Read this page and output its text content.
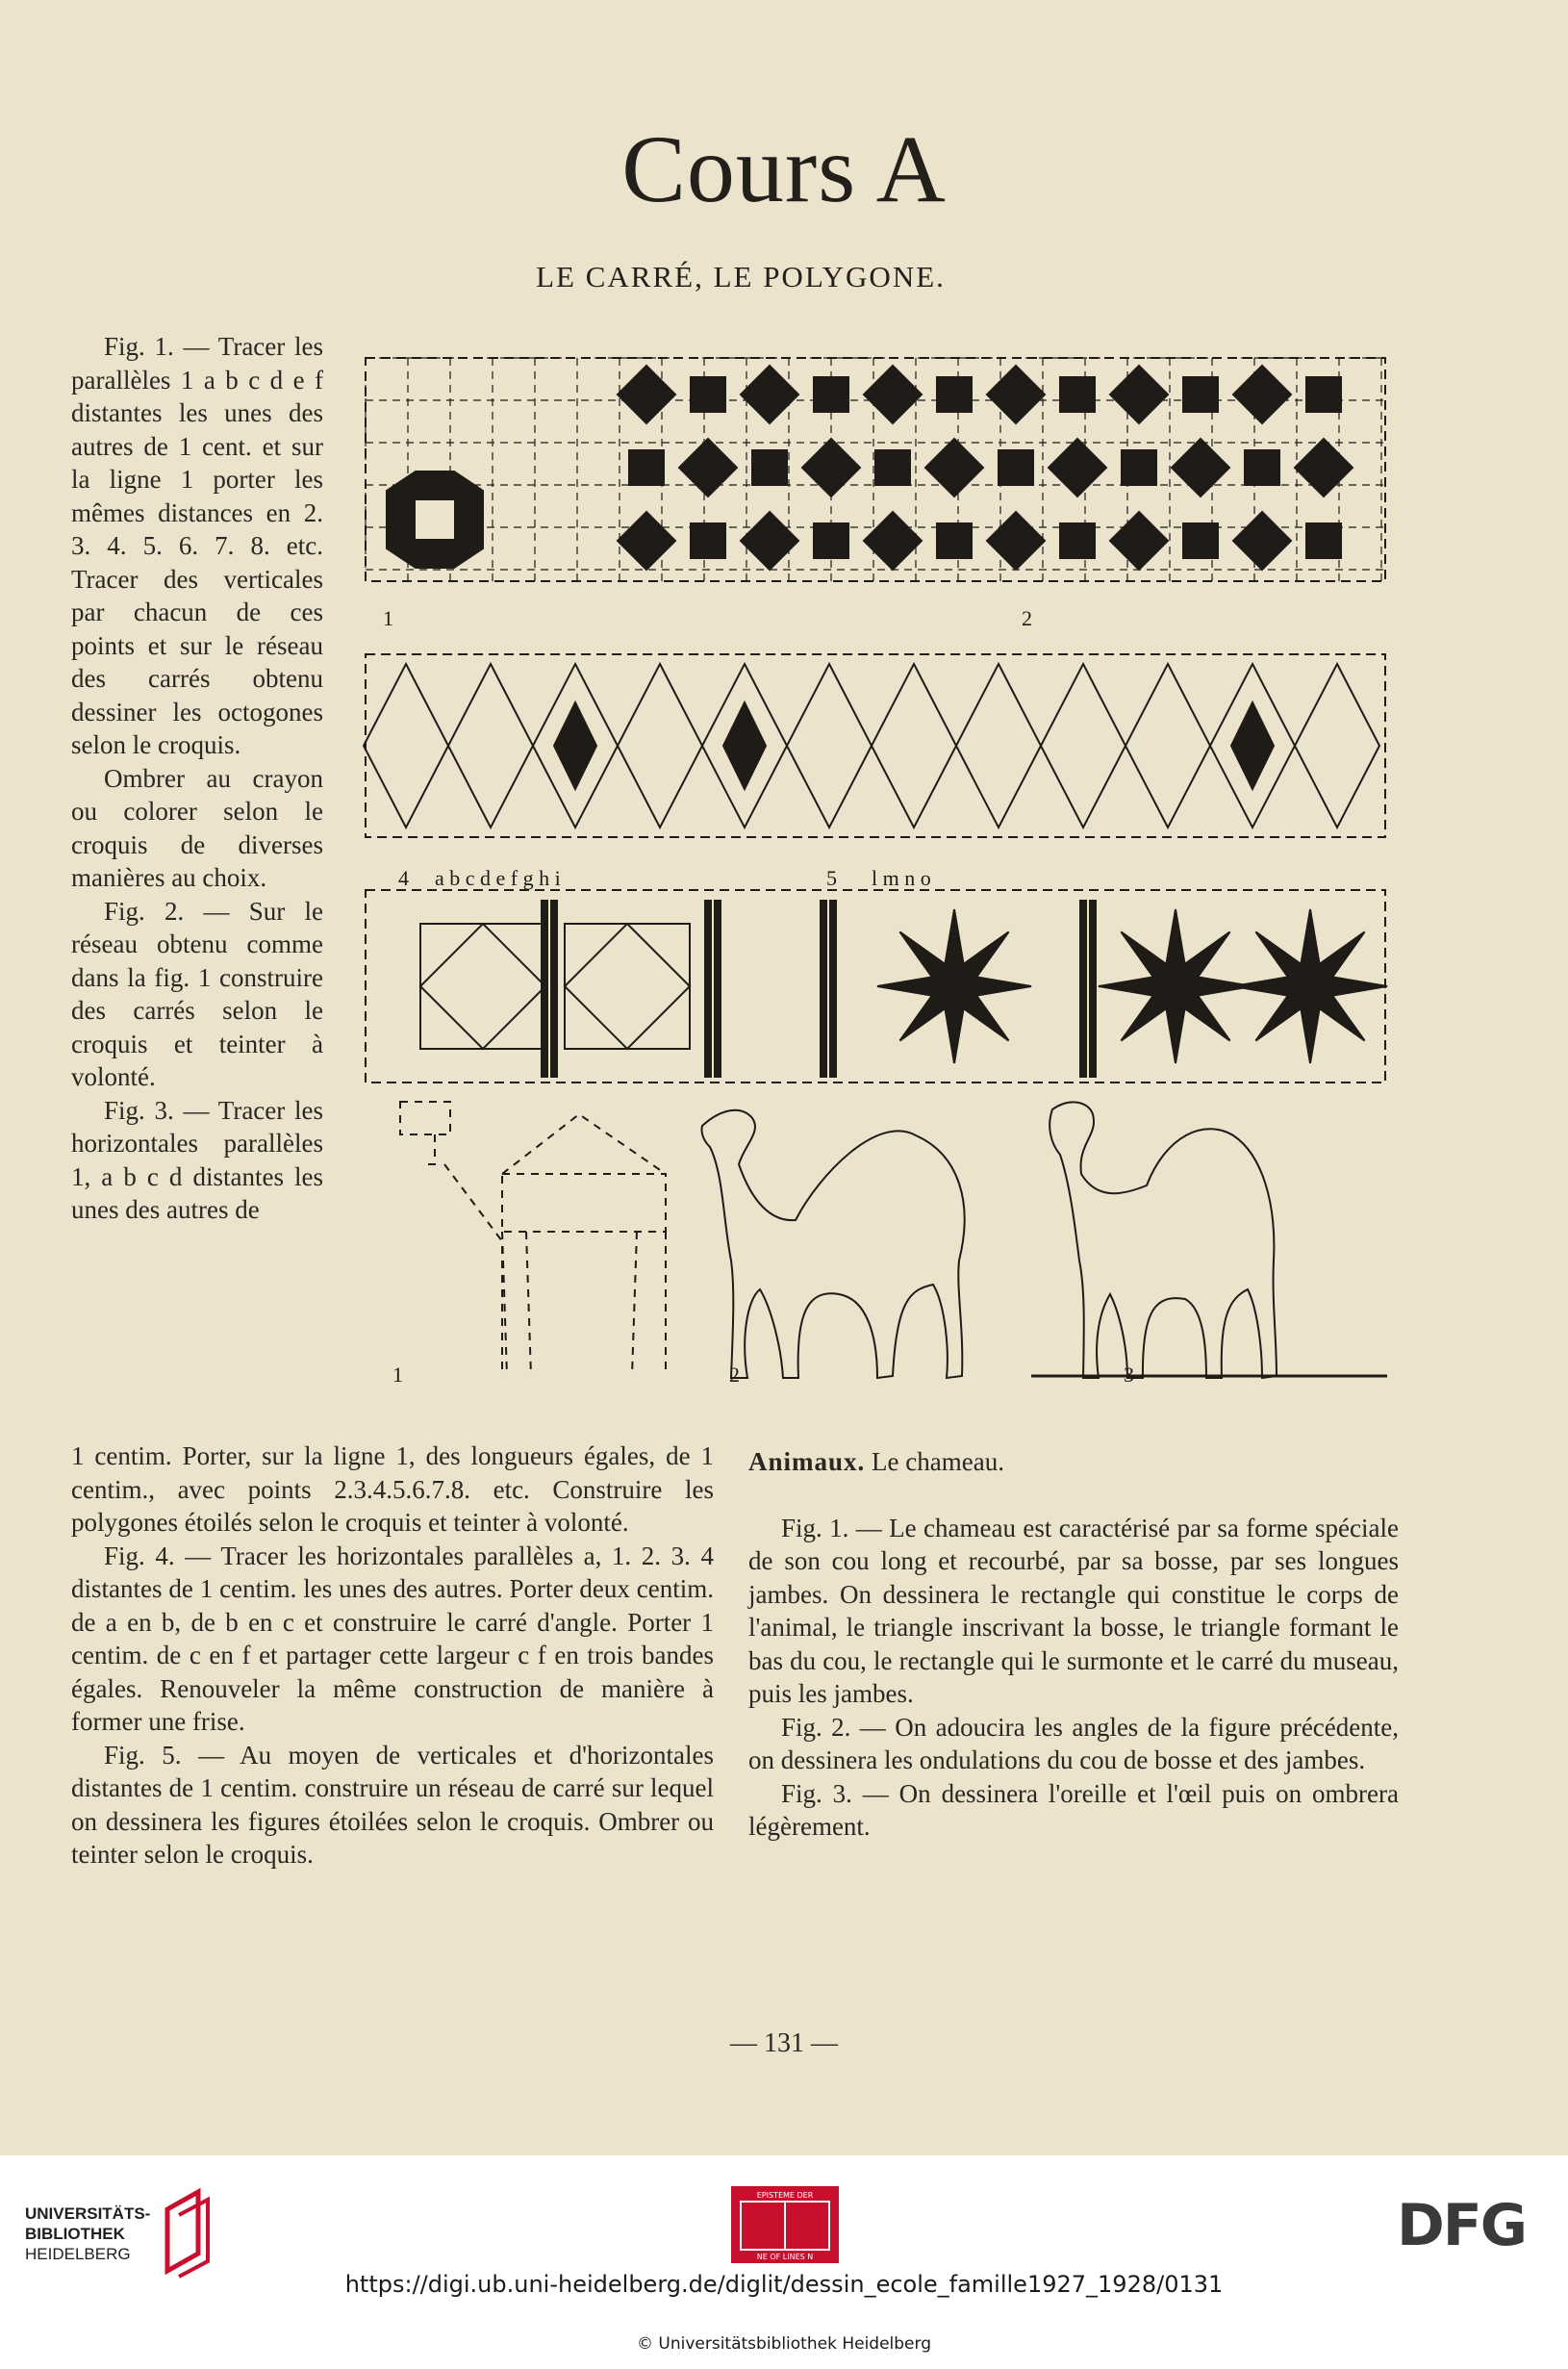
Cours A
LE CARRÉ, LE POLYGONE.

Fig. 1. — Tracer les parallèles 1 a b c d e f distantes les unes des autres de 1 cent. et sur la ligne 1 porter les mêmes distances en 2. 3. 4. 5. 6. 7. 8. etc. Tracer des verticales par chacun de ces points et sur le réseau des carrés obtenu dessiner les octogones selon le croquis.

Ombrer au crayon ou colorer selon le croquis de diverses manières au choix.

Fig. 2. — Sur le réseau obtenu comme dans la fig. 1 construire des carrés selon le croquis et teinter à volonté.

Fig. 3. — Tracer les horizontales parallèles 1, a b c d distantes les unes des autres de

2
1	3
1	2
4	5 l m n o
a b c d e f g h i

1 centim. Porter, sur la ligne 1, des longueurs égales, de 1 centim., avec points 2.3.4.5.6.7.8. etc. Construire les polygones étoilés selon le croquis et teinter à volonté.

Fig. 4. — Tracer les horizontales parallèles a, 1. 2. 3. 4 distantes de 1 centim. les unes des autres. Porter deux centim. de a en b, de b en c et construire le carré d'angle. Porter 1 centim. de c en f et partager cette largeur c f en trois bandes égales. Renouveler la même construction de manière à former une frise.

Fig. 5. — Au moyen de verticales et d'horizontales distantes de 1 centim. construire un réseau de carré sur lequel on dessinera les figures étoilées selon le croquis. Ombrer ou teinter selon le croquis.

Animaux. Le chameau.

Fig. 1. — Le chameau est caractérisé par sa forme spéciale de son cou long et recourbé, par sa bosse, par ses longues jambes. On dessinera le rectangle qui constitue le corps de l'animal, le triangle inscrivant la bosse, le triangle formant le bas du cou, le rectangle qui le surmonte et le carré du museau, puis les jambes.

Fig. 2. — On adoucira les angles de la figure précédente, on dessinera les ondulations du cou de bosse et des jambes.

Fig. 3. — On dessinera l'oreille et l'œil puis on ombrera légèrement.

— 131 —
UNIVERSITÄTS-
BIBLIOTHEK
HEIDELBERG
EPISTEME DER
NE OF LINES N	DFG
https://digi.ub.uni-heidelberg.de/diglit/dessin_ecole_famille1927_1928/0131
© Universitätsbibliothek Heidelberg
